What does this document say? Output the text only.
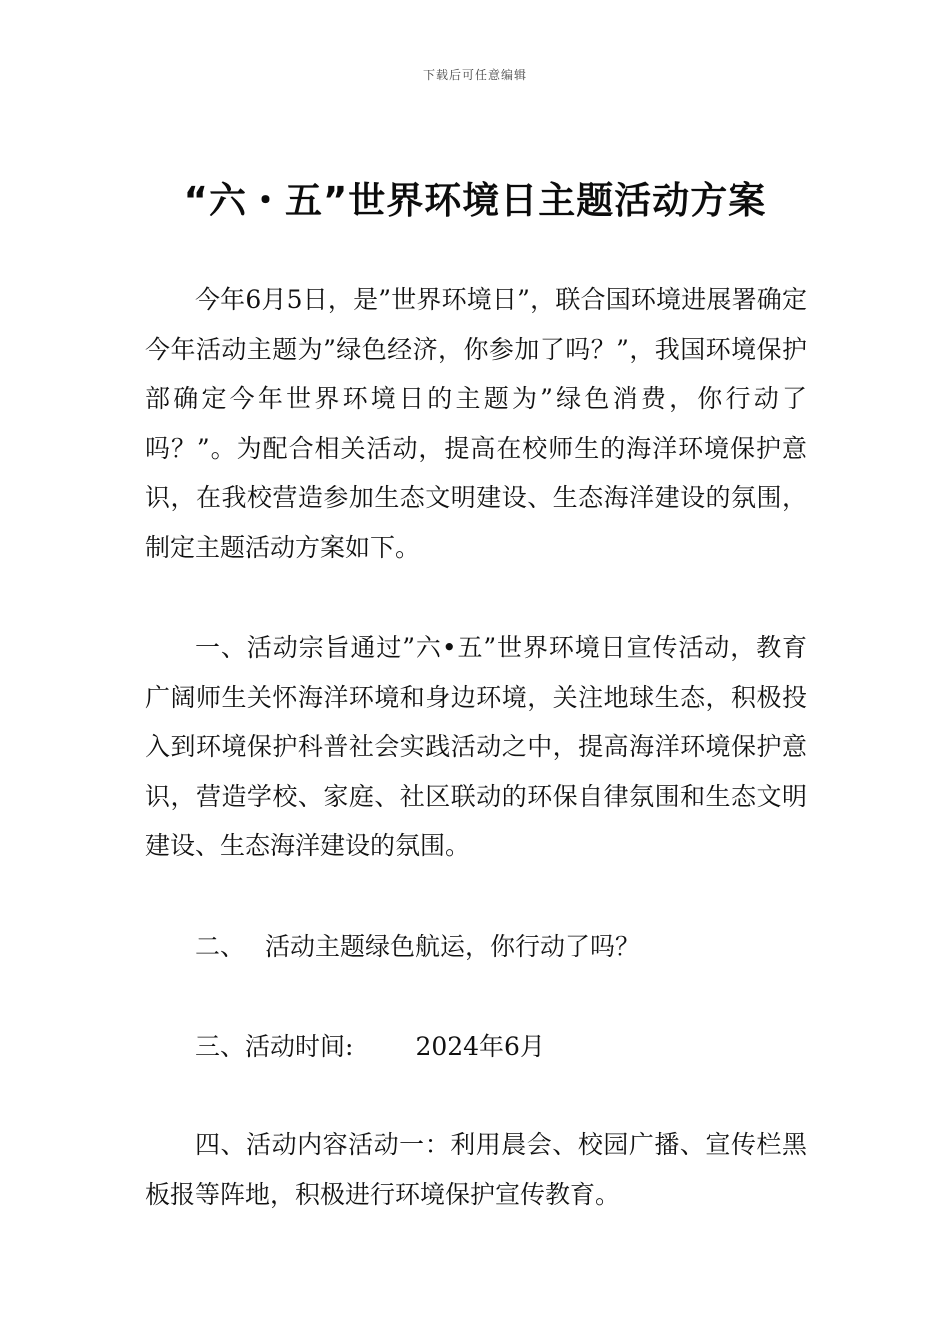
下载后可任意编辑
“六・五”世界环境日主题活动方案

今年6月5日，是”世界环境日”，联合国环境进展署确定今年活动主题为”绿色经济，你参加了吗？”，我国环境保护部确定今年世界环境日的主题为”绿色消费，你行动了吗？”。为配合相关活动，提高在校师生的海洋环境保护意识，在我校营造参加生态文明建设、生态海洋建设的氛围，制定主题活动方案如下。

一、活动宗旨通过”六•五”世界环境日宣传活动，教育广阔师生关怀海洋环境和身边环境，关注地球生态，积极投入到环境保护科普社会实践活动之中，提高海洋环境保护意识，营造学校、家庭、社区联动的环保自律氛围和生态文明建设、生态海洋建设的氛围。

二、 活动主题绿色航运，你行动了吗？

三、活动时间: 2024年6月

四、活动内容活动一：利用晨会、校园广播、宣传栏黑板报等阵地，积极进行环境保护宣传教育。
